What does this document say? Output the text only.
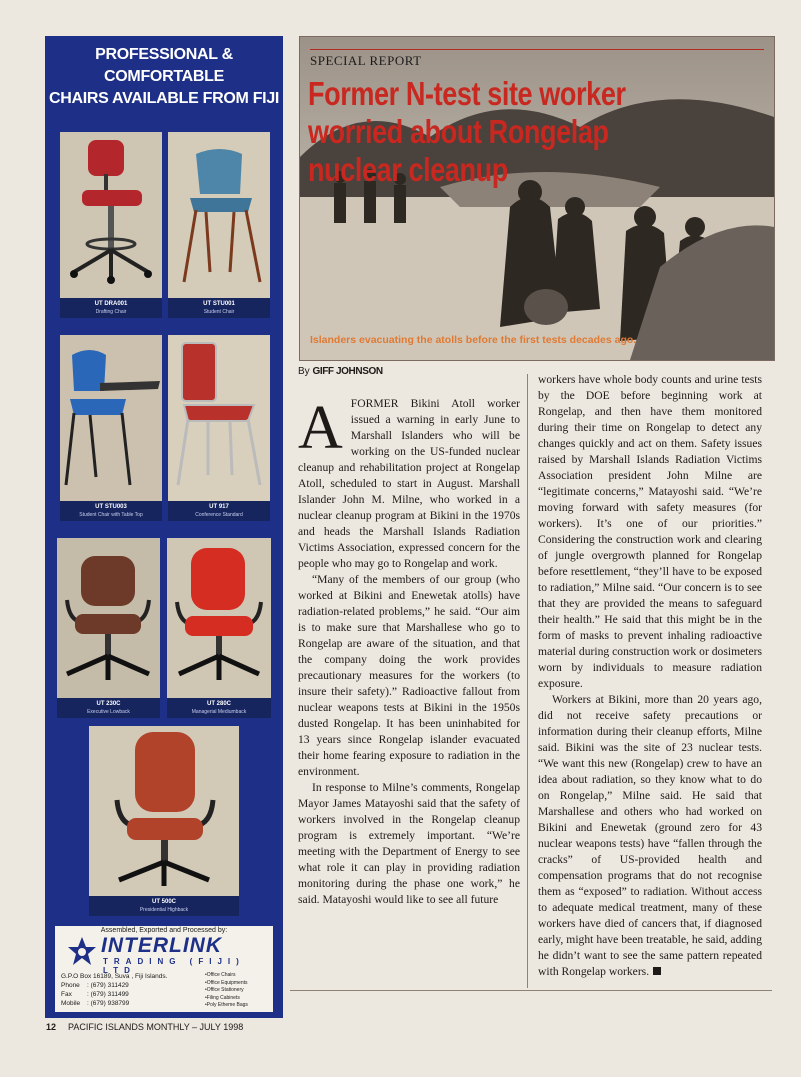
PROFESSIONAL & COMFORTABLE
CHAIRS AVAILABLE FROM FIJI
UT DRA001
Drafting Chair
UT STU001
Student Chair
UT STU003
Student Chair with Table Top
UT 917
Conference Standard
UT 230C
Executive Lowback
UT 280C
Managerial Mediumback
UT 500C
Presidential Highback
Assembled, Exported and Processed by:
INTERLINK
TRADING (FIJI) LTD
G.P.O Box 16189, Suva , Fiji Islands.
Phone : (679) 311429
Fax : (679) 311499
Mobile : (679) 938799
•Office Chairs
•Office Equipments
•Office Stationery
•Filing Cabinets
•Poly Etheme Bags
SPECIAL REPORT
Former N-test site worker worried about Rongelap nuclear cleanup
Islanders evacuating the atolls before the first tests decades ago.
By GIFF JOHNSON

AFORMER Bikini Atoll worker issued a warning in early June to Marshall Islanders who will be working on the US-funded nuclear cleanup and rehabilitation project at Rongelap Atoll, scheduled to start in August. Marshall Islander John M. Milne, who worked in a nuclear cleanup program at Bikini in the 1970s and heads the Marshall Islands Radiation Victims Association, expressed concern for the people who may go to Rongelap and work.

“Many of the members of our group (who worked at Bikini and Enewetak atolls) have radiation-related problems,” he said. “Our aim is to make sure that Marshallese who go to Rongelap are aware of the situation, and that the company doing the work provides precautionary measures for the workers (to insure their safety).” Radioactive fallout from nuclear weapons tests at Bikini in the 1950s dusted Rongelap. It has been uninhabited for 13 years since Rongelap islander evacuated their home fearing exposure to radiation in the environment.

In response to Milne’s comments, Rongelap Mayor James Matayoshi said that the safety of workers involved in the Rongelap cleanup program is extremely important. “We’re meeting with the Department of Energy to see what role it can play in providing radiation monitoring during the phase one work,” he said. Matayoshi would like to see all future

workers have whole body counts and urine tests by the DOE before beginning work at Rongelap, and then have them monitored during their time on Rongelap to detect any changes quickly and act on them. Safety issues raised by Marshall Islands Radiation Victims Association president John Milne are “legitimate concerns,” Matayoshi said. “We’re moving forward with safety measures (for workers). It’s one of our priorities.” Considering the construction work and clearing of jungle overgrowth planned for Rongelap before resettlement, “they’ll have to be exposed to radiation,” Milne said. “Our concern is to see that they are provided the means to safeguard their health.” He said that this might be in the form of masks to prevent inhaling radioactive material during construction work or dosimeters worn by individuals to measure radiation exposure.

Workers at Bikini, more than 20 years ago, did not receive safety precautions or information during their cleanup efforts, Milne said. Bikini was the site of 23 nuclear tests. “We want this new (Rongelap) crew to have an idea about radiation, so they know what to do on Rongelap,” Milne said. He said that Marshallese and others who had worked on Bikini and Enewetak (ground zero for 43 nuclear weapons tests) have “fallen through the cracks” of US-provided health and compensation programs that do not recognise them as “exposed” to radiation. Without access to adequate medical treatment, many of these workers have died of cancers that, if diagnosed early, might have been treatable, he said, adding he didn’t want to see the same pattern repeated with Rongelap workers.

12 PACIFIC ISLANDS MONTHLY – JULY 1998
